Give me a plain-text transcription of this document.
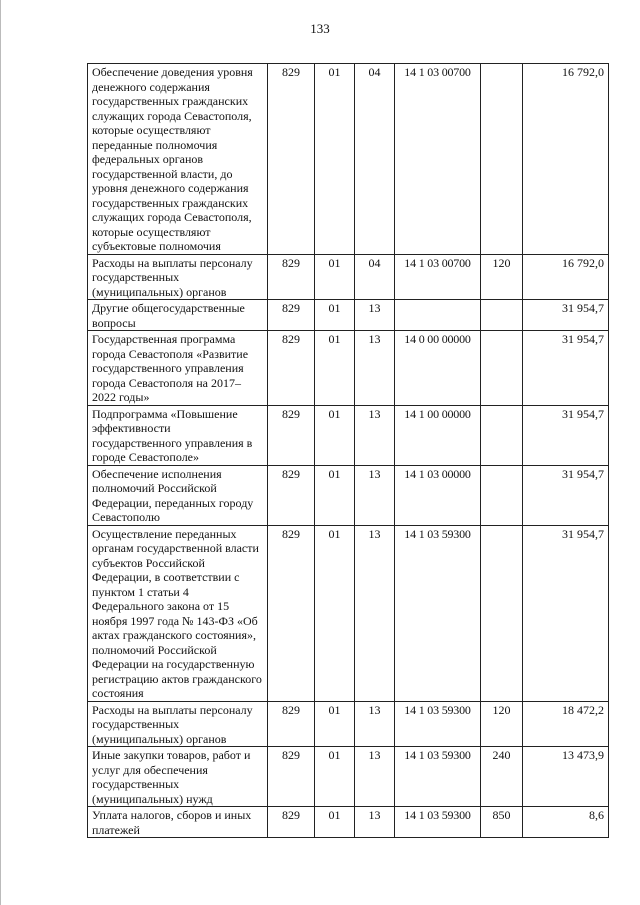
133
Обеспечение доведения уровня денежного содержания государственных гражданских служащих города Севастополя, которые осуществляют переданные полномочия федеральных органов государственной власти, до уровня денежного содержания государственных гражданских служащих города Севастополя, которые осуществляют субъектовые полномочия	829	01	04	14 1 03 00700		16 792,0
Расходы на выплаты персоналу государственных (муниципальных) органов	829	01	04	14 1 03 00700	120	16 792,0
Другие общегосударственные вопросы	829	01	13			31 954,7
Государственная программа города Севастополя «Развитие государственного управления города Севастополя на 2017–2022 годы»	829	01	13	14 0 00 00000		31 954,7
Подпрограмма «Повышение эффективности государственного управления в городе Севастополе»	829	01	13	14 1 00 00000		31 954,7
Обеспечение исполнения полномочий Российской Федерации, переданных городу Севастополю	829	01	13	14 1 03 00000		31 954,7
Осуществление переданных органам государственной власти субъектов Российской Федерации, в соответствии с пунктом 1 статьи 4 Федерального закона от 15 ноября 1997 года № 143-ФЗ «Об актах гражданского состояния», полномочий Российской Федерации на государственную регистрацию актов гражданского состояния	829	01	13	14 1 03 59300		31 954,7
Расходы на выплаты персоналу государственных (муниципальных) органов	829	01	13	14 1 03 59300	120	18 472,2
Иные закупки товаров, работ и услуг для обеспечения государственных (муниципальных) нужд	829	01	13	14 1 03 59300	240	13 473,9
Уплата налогов, сборов и иных платежей	829	01	13	14 1 03 59300	850	8,6
